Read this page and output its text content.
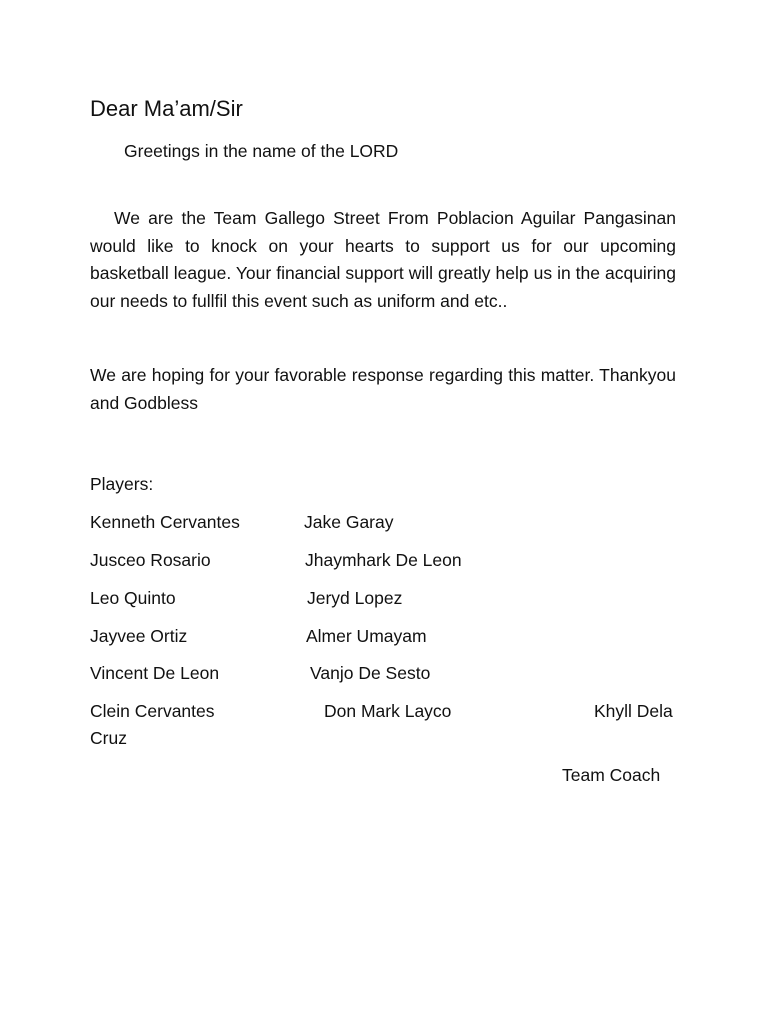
Dear Ma’am/Sir
Greetings in the name of the LORD

We are the Team Gallego Street From Poblacion Aguilar Pangasinan would like to knock on your hearts to support us for our upcoming basketball league. Your financial support will greatly help us in the acquiring our needs to fullfil this event such as uniform and etc..

We are hoping for your favorable response regarding this matter. Thankyou and Godbless

Players:
Kenneth Cervantes	Jake Garay
Jusceo Rosario	Jhaymhark De Leon
Leo Quinto	Jeryd Lopez
Jayvee Ortiz	Almer Umayam
Vincent De Leon	Vanjo De Sesto
Clein Cervantes	Don Mark Layco	Khyll Dela
Cruz
Team Coach
